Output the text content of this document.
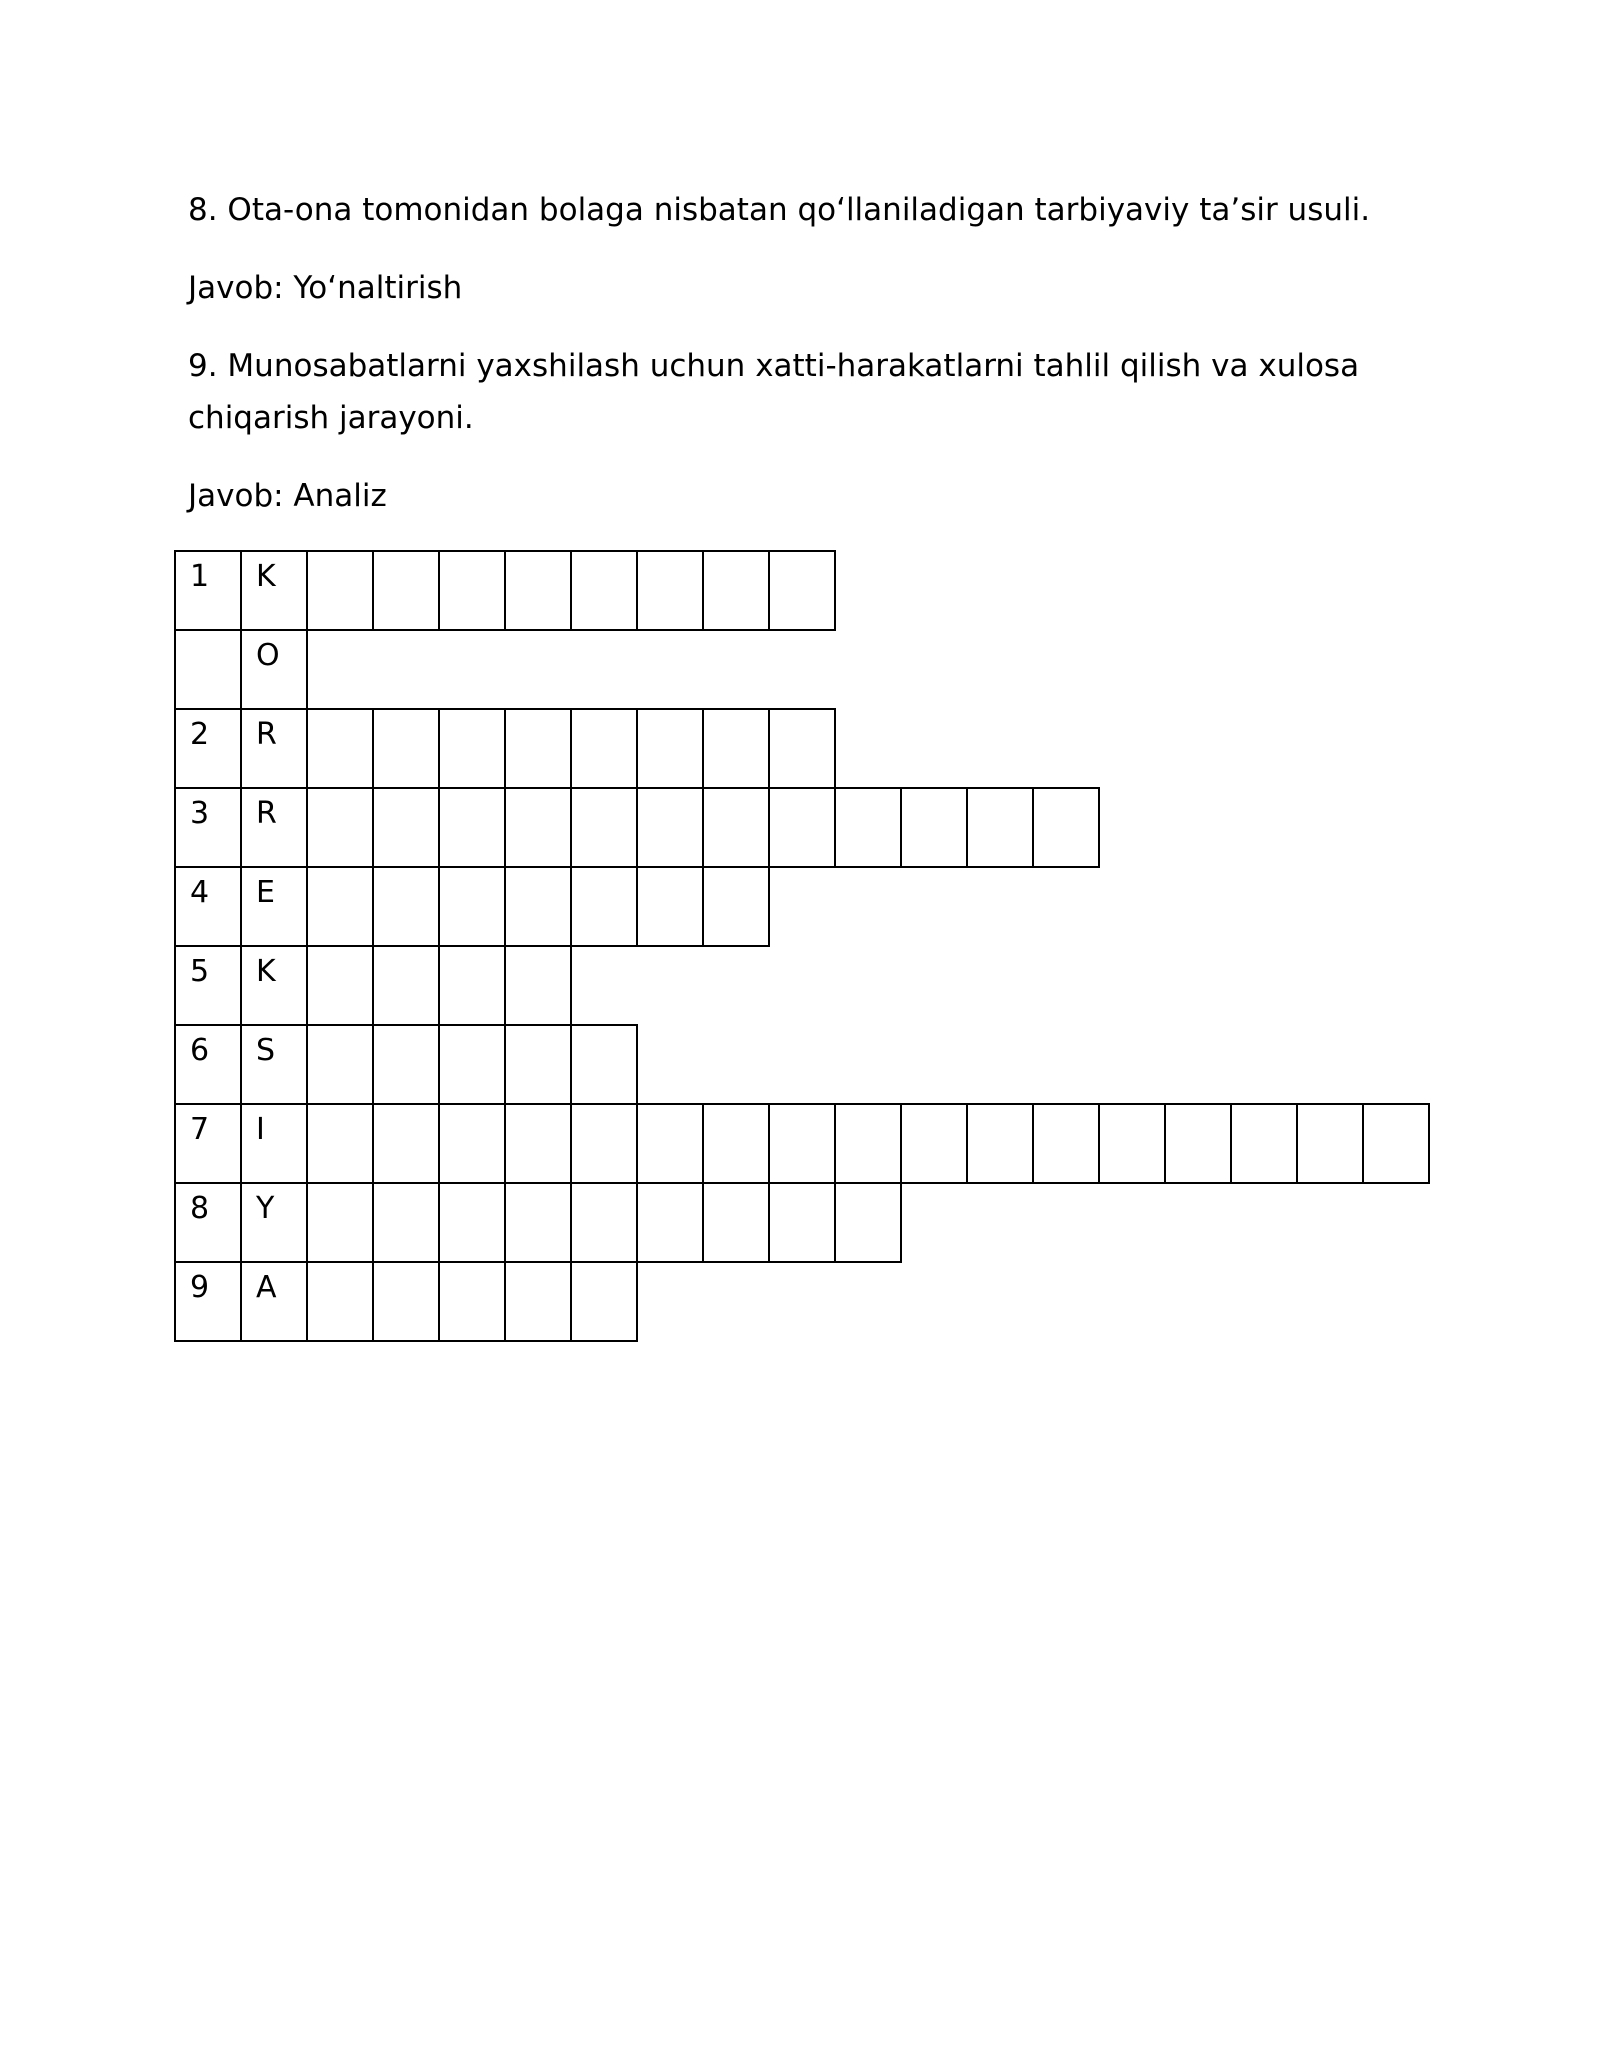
8. Ota-ona tomonidan bolaga nisbatan qo‘llaniladigan tarbiyaviy ta’sir usuli.

Javob: Yo‘naltirish

9. Munosabatlarni yaxshilash uchun xatti-harakatlarni tahlil qilish va xulosa chiqarish jarayoni.

Javob: Analiz

1 K
O
2 R
3 R
4 E
5 K
6 S
7 I
8 Y
9 A
